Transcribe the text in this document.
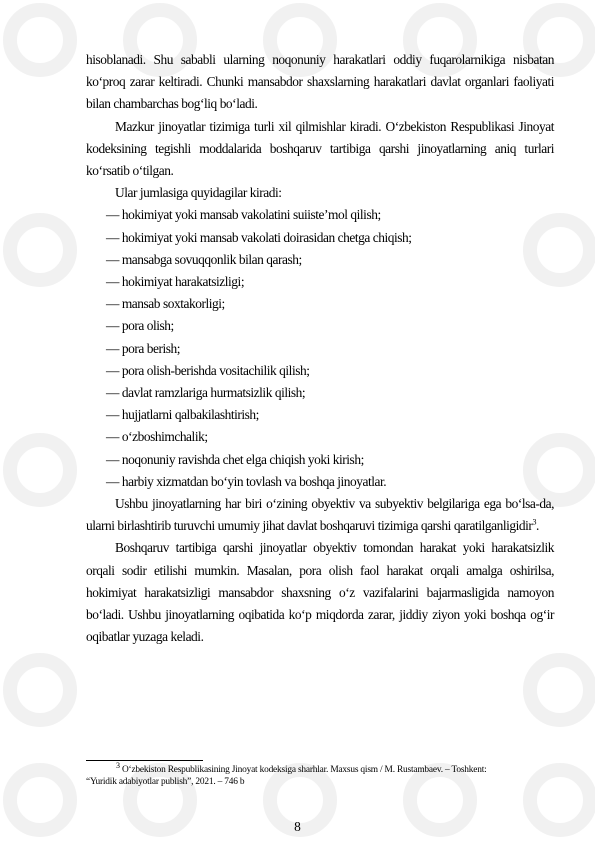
hisoblanadi. Shu sababli ularning noqonuniy harakatlari oddiy fuqarolarnikiga nisbatan ko‘proq zarar keltiradi. Chunki mansabdor shaxslarning harakatlari davlat organlari faoliyati bilan chambarchas bog‘liq bo‘ladi.

Mazkur jinoyatlar tizimiga turli xil qilmishlar kiradi. O‘zbekiston Respublikasi Jinoyat kodeksining tegishli moddalarida boshqaruv tartibiga qarshi jinoyatlarning aniq turlari ko‘rsatib o‘tilgan.

Ular jumlasiga quyidagilar kiradi:

— hokimiyat yoki mansab vakolatini suiiste’mol qilish;

— hokimiyat yoki mansab vakolati doirasidan chetga chiqish;

— mansabga sovuqqonlik bilan qarash;

— hokimiyat harakatsizligi;

— mansab soxtakorligi;

— pora olish;

— pora berish;

— pora olish-berishda vositachilik qilish;

— davlat ramzlariga hurmatsizlik qilish;

— hujjatlarni qalbakilashtirish;

— o‘zboshimchalik;

— noqonuniy ravishda chet elga chiqish yoki kirish;

— harbiy xizmatdan bo‘yin tovlash va boshqa jinoyatlar.

Ushbu jinoyatlarning har biri o‘zining obyektiv va subyektiv belgilariga ega bo‘lsa-da, ularni birlashtirib turuvchi umumiy jihat davlat boshqaruvi tizimiga qarshi qaratilganligidir$^3$.

Boshqaruv tartibiga qarshi jinoyatlar obyektiv tomondan harakat yoki harakatsizlik orqali sodir etilishi mumkin. Masalan, pora olish faol harakat orqali amalga oshirilsa, hokimiyat harakatsizligi mansabdor shaxsning o‘z vazifalarini bajarmasligida namoyon bo‘ladi. Ushbu jinoyatlarning oqibatida ko‘p miqdorda zarar, jiddiy ziyon yoki boshqa og‘ir oqibatlar yuzaga keladi.

$^3$ O‘zbekiston Respublikasining Jinoyat kodeksiga sharhlar. Maxsus qism / M. Rustambaev. – Toshkent:
“Yuridik adabiyotlar publish”, 2021. – 746 b
8
